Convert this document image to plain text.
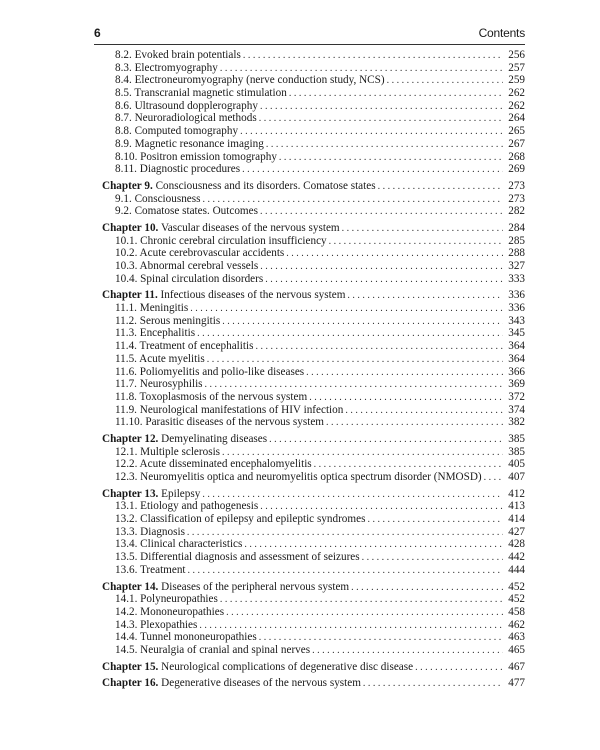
6	Contents
8.2. Evoked brain potentials . . .	256
8.3. Electromyography . . .	257
8.4. Electroneuromyography (nerve conduction study, NCS) . . .	259
8.5. Transcranial magnetic stimulation . . .	262
8.6. Ultrasound dopplerography . . .	262
8.7. Neuroradiological methods . . .	264
8.8. Computed tomography . . .	265
8.9. Magnetic resonance imaging . . .	267
8.10. Positron emission tomography . . .	268
8.11. Diagnostic procedures . . .	269
Chapter 9. Consciousness and its disorders. Comatose states . . .	273
9.1. Consciousness . . .	273
9.2. Comatose states. Outcomes . . .	282
Chapter 10. Vascular diseases of the nervous system . . .	284
10.1. Chronic cerebral circulation insufficiency . . .	285
10.2. Acute cerebrovascular accidents . . .	288
10.3. Abnormal cerebral vessels . . .	327
10.4. Spinal circulation disorders . . .	333
Chapter 11. Infectious diseases of the nervous system . . .	336
11.1. Meningitis . . .	336
11.2. Serous meningitis . . .	343
11.3. Encephalitis . . .	345
11.4. Treatment of encephalitis . . .	364
11.5. Acute myelitis . . .	364
11.6. Poliomyelitis and polio-like diseases . . .	366
11.7. Neurosyphilis . . .	369
11.8. Toxoplasmosis of the nervous system . . .	372
11.9. Neurological manifestations of HIV infection . . .	374
11.10. Parasitic diseases of the nervous system . . .	382
Chapter 12. Demyelinating diseases . . .	385
12.1. Multiple sclerosis . . .	385
12.2. Acute disseminated encephalomyelitis . . .	405
12.3. Neuromyelitis optica and neuromyelitis optica spectrum disorder (NMOSD) . . . 407
Chapter 13. Epilepsy . . .	412
13.1. Etiology and pathogenesis . . .	413
13.2. Classification of epilepsy and epileptic syndromes . . .	414
13.3. Diagnosis . . .	427
13.4. Clinical characteristics . . .	428
13.5. Differential diagnosis and assessment of seizures . . .	442
13.6. Treatment . . .	444
Chapter 14. Diseases of the peripheral nervous system . . .	452
14.1. Polyneuropathies . . .	452
14.2. Mononeuropathies . . .	458
14.3. Plexopathies . . .	462
14.4. Tunnel mononeuropathies . . .	463
14.5. Neuralgia of cranial and spinal nerves . . .	465
Chapter 15. Neurological complications of degenerative disc disease . . .	467
Chapter 16. Degenerative diseases of the nervous system . . .	477
